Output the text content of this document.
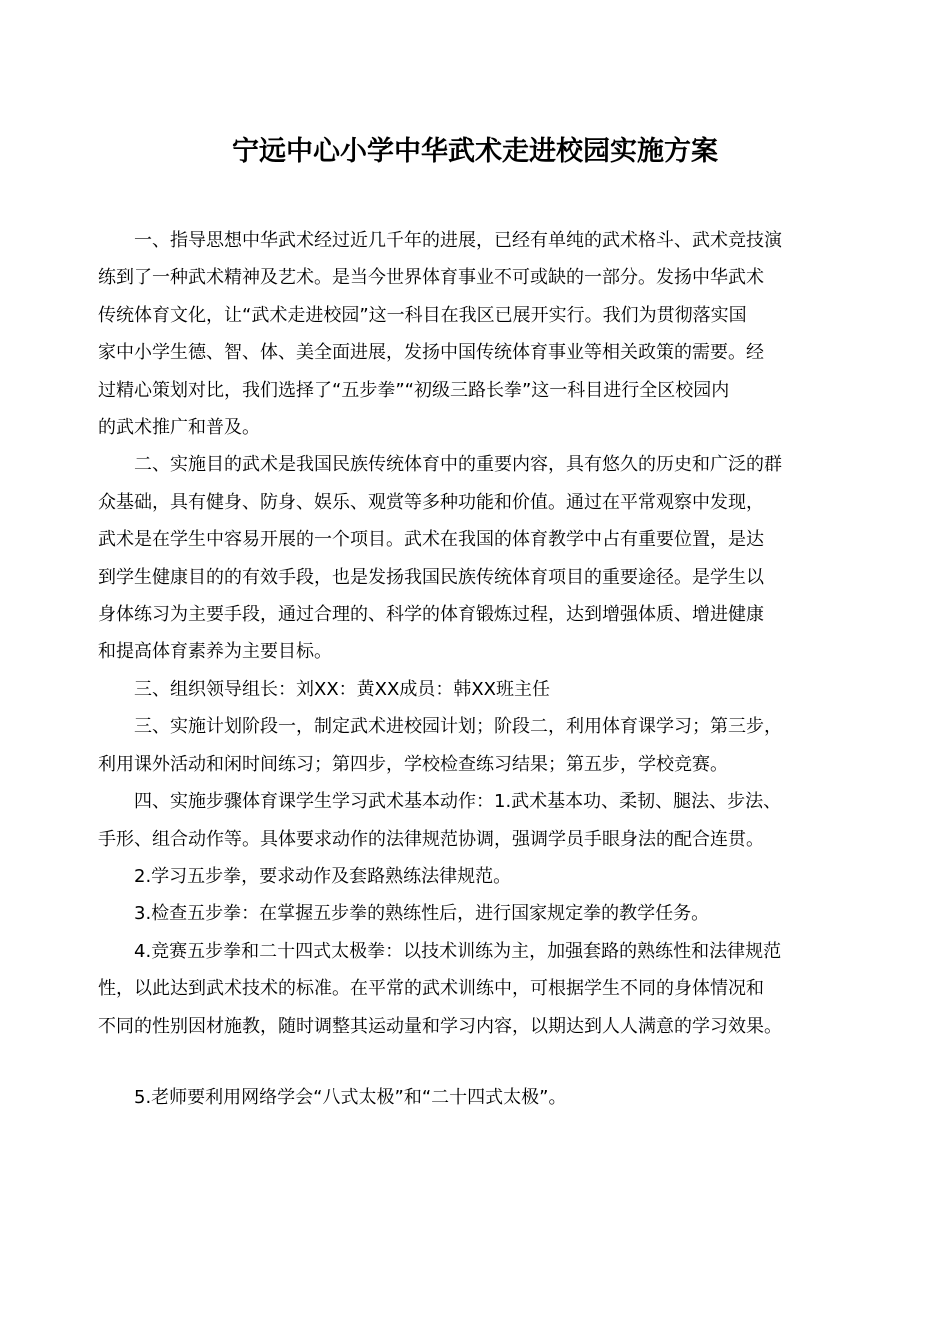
宁远中心小学中华武术走进校园实施方案

一、指导思想中华武术经过近几千年的进展，已经有单纯的武术格斗、武术竞技演
练到了一种武术精神及艺术。是当今世界体育事业不可或缺的一部分。发扬中华武术
传统体育文化，让“武术走进校园”这一科目在我区已展开实行。我们为贯彻落实国
家中小学生德、智、体、美全面进展，发扬中国传统体育事业等相关政策的需要。经
过精心策划对比，我们选择了“五步拳”“初级三路长拳”这一科目进行全区校园内
的武术推广和普及。

二、实施目的武术是我国民族传统体育中的重要内容，具有悠久的历史和广泛的群
众基础，具有健身、防身、娱乐、观赏等多种功能和价值。通过在平常观察中发现，
武术是在学生中容易开展的一个项目。武术在我国的体育教学中占有重要位置，是达
到学生健康目的的有效手段，也是发扬我国民族传统体育项目的重要途径。是学生以
身体练习为主要手段，通过合理的、科学的体育锻炼过程，达到增强体质、增进健康
和提高体育素养为主要目标。

三、组织领导组长：刘XX：黄XX成员：韩XX班主任

三、实施计划阶段一，制定武术进校园计划；阶段二，利用体育课学习；第三步，
利用课外活动和闲时间练习；第四步，学校检查练习结果；第五步，学校竞赛。

四、实施步骤体育课学生学习武术基本动作：1.武术基本功、柔韧、腿法、步法、
手形、组合动作等。具体要求动作的法律规范协调，强调学员手眼身法的配合连贯。

2.学习五步拳，要求动作及套路熟练法律规范。

3.检查五步拳：在掌握五步拳的熟练性后，进行国家规定拳的教学任务。

4.竞赛五步拳和二十四式太极拳：以技术训练为主，加强套路的熟练性和法律规范
性，以此达到武术技术的标准。在平常的武术训练中，可根据学生不同的身体情况和
不同的性别因材施教，随时调整其运动量和学习内容，以期达到人人满意的学习效果。

5.老师要利用网络学会“八式太极”和“二十四式太极”。
